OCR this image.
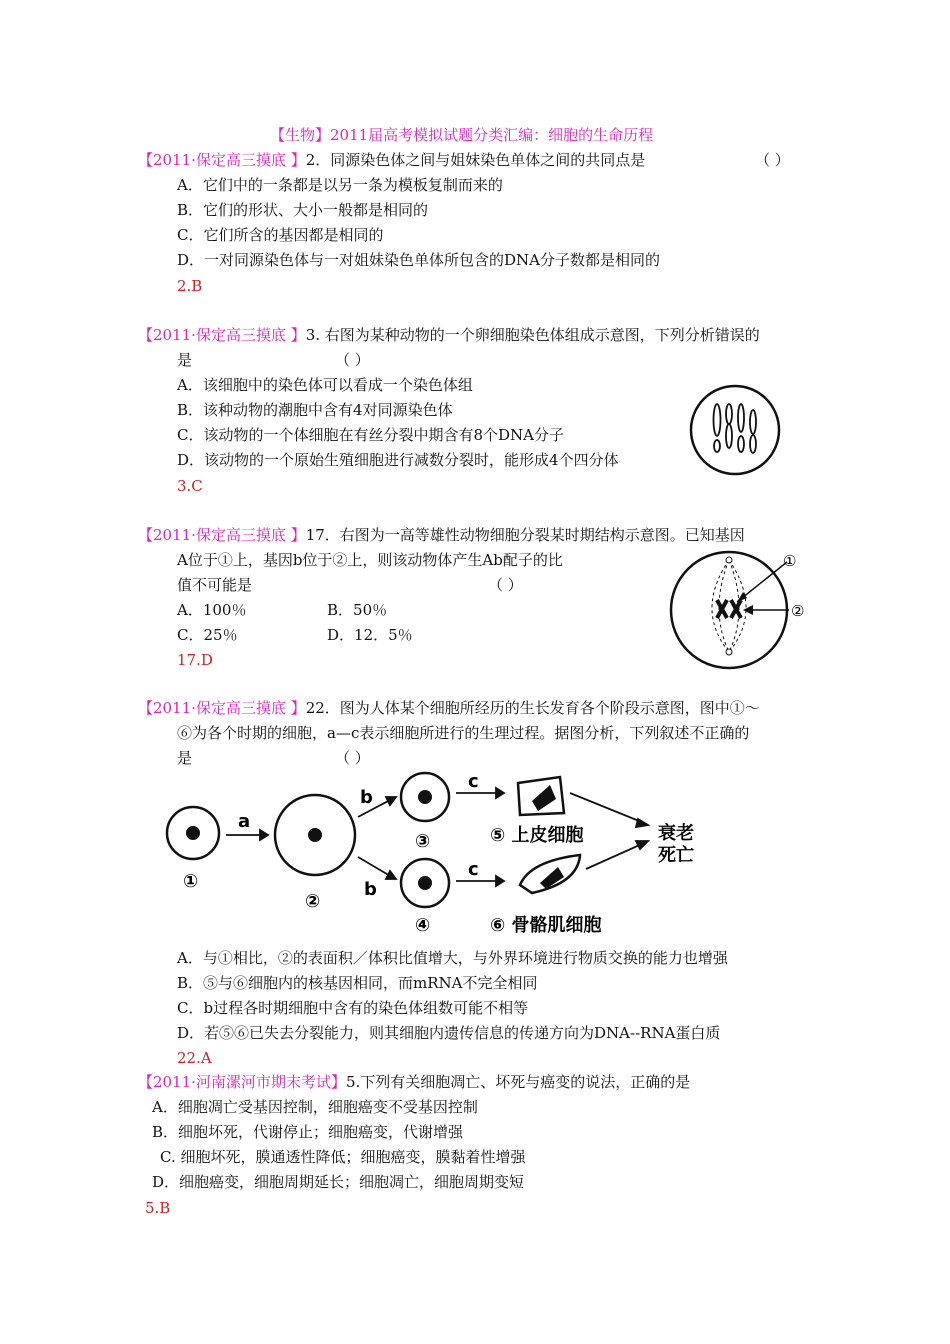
【生物】2011届高考模拟试题分类汇编：细胞的生命历程
【2011·保定高三摸底 】2．同源染色体之间与姐妹染色单体之间的共同点是	（ ）
A．它们中的一条都是以另一条为模板复制而来的
B．它们的形状、大小一般都是相同的
C．它们所含的基因都是相同的
D．一对同源染色体与一对姐妹染色单体所包含的DNA分子数都是相同的
2.B
【2011·保定高三摸底 】3. 右图为某种动物的一个卵细胞染色体组成示意图，下列分析错误的
是	（ ）
A．该细胞中的染色体可以看成一个染色体组
B．该种动物的潮胞中含有4对同源染色体
C．该动物的一个体细胞在有丝分裂中期含有8个DNA分子
D．该动物的一个原始生殖细胞进行减数分裂时，能形成4个四分体
3.C
【2011·保定高三摸底 】17．右图为一高等雄性动物细胞分裂某时期结构示意图。已知基因
A位于①上，基因b位于②上，则该动物体产生Ab配子的比
值不可能是	（ ）
A．100％	B．50％
C．25％	D．12．5％
17.D
①
②
【2011·保定高三摸底 】22．图为人体某个细胞所经历的生长发育各个阶段示意图，图中①～
⑥为各个时期的细胞，a—c表示细胞所进行的生理过程。据图分析，下列叙述不正确的
是	（ ）
a
b
b
c
c
①
②
③
④
⑤ 上皮细胞
⑥ 骨骼肌细胞
衰老
死亡
A．与①相比，②的表面积／体积比值增大，与外界环境进行物质交换的能力也增强
B．⑤与⑥细胞内的核基因相同，而mRNA不完全相同
C．b过程各时期细胞中含有的染色体组数可能不相等
D．若⑤⑥已失去分裂能力，则其细胞内遗传信息的传递方向为DNA--RNA蛋白质
22.A
【2011·河南漯河市期末考试】5.下列有关细胞凋亡、坏死与癌变的说法，正确的是
A．细胞凋亡受基因控制，细胞癌变不受基因控制
B．细胞坏死，代谢停止；细胞癌变，代谢增强
C. 细胞坏死，膜通透性降低；细胞癌变，膜黏着性增强
D．细胞癌变，细胞周期延长；细胞凋亡，细胞周期变短
5.B
